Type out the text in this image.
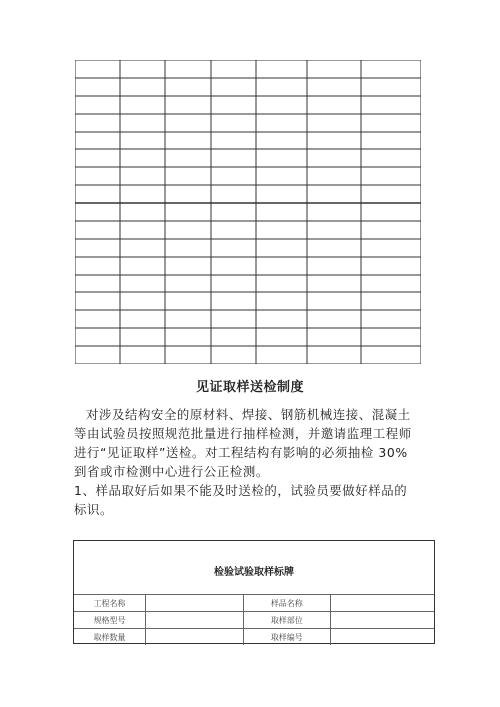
见证取样送检制度

对涉及结构安全的原材料、焊接、钢筋机械连接、混凝土

等由试验员按照规范批量进行抽样检测，并邀请监理工程师

进行“见证取样”送检。对工程结构有影响的必须抽检 30%

到省或市检测中心进行公正检测。

1、样品取好后如果不能及时送检的，试验员要做好样品的

标识。

检验试验取样标牌
工程名称		样品名称	
规格型号		取样部位	
取样数量		取样编号	
